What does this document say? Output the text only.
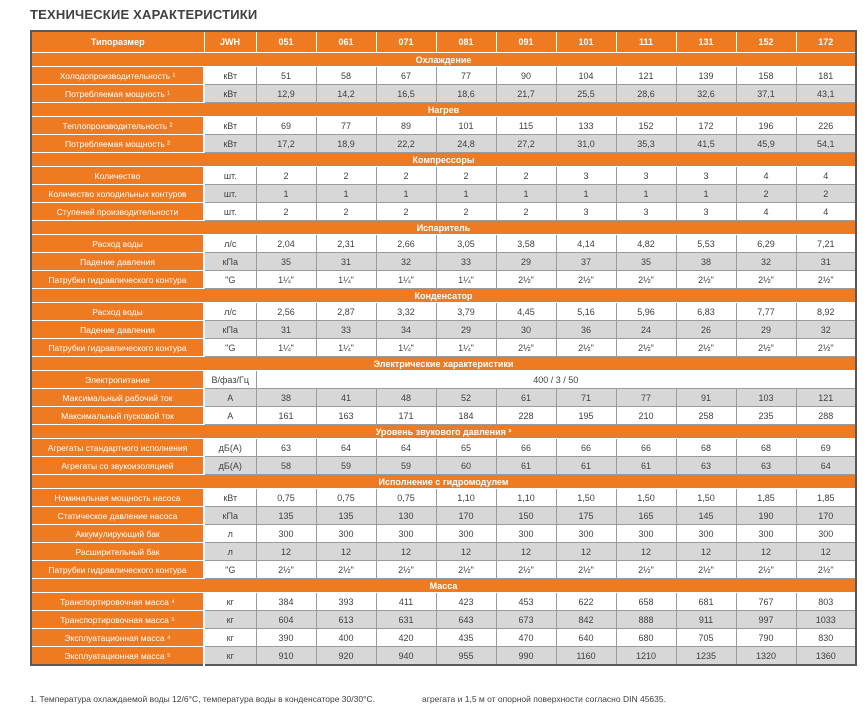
ТЕХНИЧЕСКИЕ ХАРАКТЕРИСТИКИ
Типоразмер	JWH	051	061	071	081	091	101	111	131	152	172
Охлаждение											
Холодопроизводительность ¹	кВт	51	58	67	77	90	104	121	139	158	181
Потребляемая мощность ¹	кВт	12,9	14,2	16,5	18,6	21,7	25,5	28,6	32,6	37,1	43,1
Нагрев											
Теплопроизводительность ²	кВт	69	77	89	101	115	133	152	172	196	226
Потребляемая мощность ²	кВт	17,2	18,9	22,2	24,8	27,2	31,0	35,3	41,5	45,9	54,1
Компрессоры											
Количество	шт.	2	2	2	2	2	3	3	3	4	4
Количество холодильных контуров	шт.	1	1	1	1	1	1	1	1	2	2
Ступеней производительности	шт.	2	2	2	2	2	3	3	3	4	4
Испаритель											
Расход воды	л/с	2,04	2,31	2,66	3,05	3,58	4,14	4,82	5,53	6,29	7,21
Падение давления	кПа	35	31	32	33	29	37	35	38	32	31
Патрубки гидравлического контура	"G	1¼"	1¼"	1¼"	1¼"	2½"	2½"	2½"	2½"	2½"	2½"
Конденсатор											
Расход воды	л/с	2,56	2,87	3,32	3,79	4,45	5,16	5,96	6,83	7,77	8,92
Падение давления	кПа	31	33	34	29	30	36	24	26	29	32
Патрубки гидравлического контура	"G	1¼"	1¼"	1¼"	1¼"	2½"	2½"	2½"	2½"	2½"	2½"
Электрические характеристики											
Электропитание	В/фаз/Гц	400 / 3 / 50									
Максимальный рабочий ток	А	38	41	48	52	61	71	77	91	103	121
Максимальный пусковой ток	А	161	163	171	184	228	195	210	258	235	288
Уровень звукового давления ³											
Агрегаты стандартного исполнения	дБ(А)	63	64	64	65	66	66	66	68	68	69
Агрегаты со звукоизоляцией	дБ(А)	58	59	59	60	61	61	61	63	63	64
Исполнение с гидромодулем											
Номинальная мощность насоса	кВт	0,75	0,75	0,75	1,10	1,10	1,50	1,50	1,50	1,85	1,85
Статическое давление насоса	кПа	135	135	130	170	150	175	165	145	190	170
Аккумулирующий бак	л	300	300	300	300	300	300	300	300	300	300
Расширительный бак	л	12	12	12	12	12	12	12	12	12	12
Патрубки гидравлического контура	"G	2½"	2½"	2½"	2½"	2½"	2½"	2½"	2½"	2½"	2½"
Масса											
Транспортировочная масса ⁴	кг	384	393	411	423	453	622	658	681	767	803
Транспортировочная масса ⁵	кг	604	613	631	643	673	842	888	911	997	1033
Эксплуатационная масса ⁴	кг	390	400	420	435	470	640	680	705	790	830
Эксплуатационная масса ⁵	кг	910	920	940	955	990	1160	1210	1235	1320	1360
1. Температура охлаждаемой воды 12/6°С, температура воды в конденсаторе 30/30°С.	агрегата и 1,5 м от опорной поверхности согласно DIN 45635.
